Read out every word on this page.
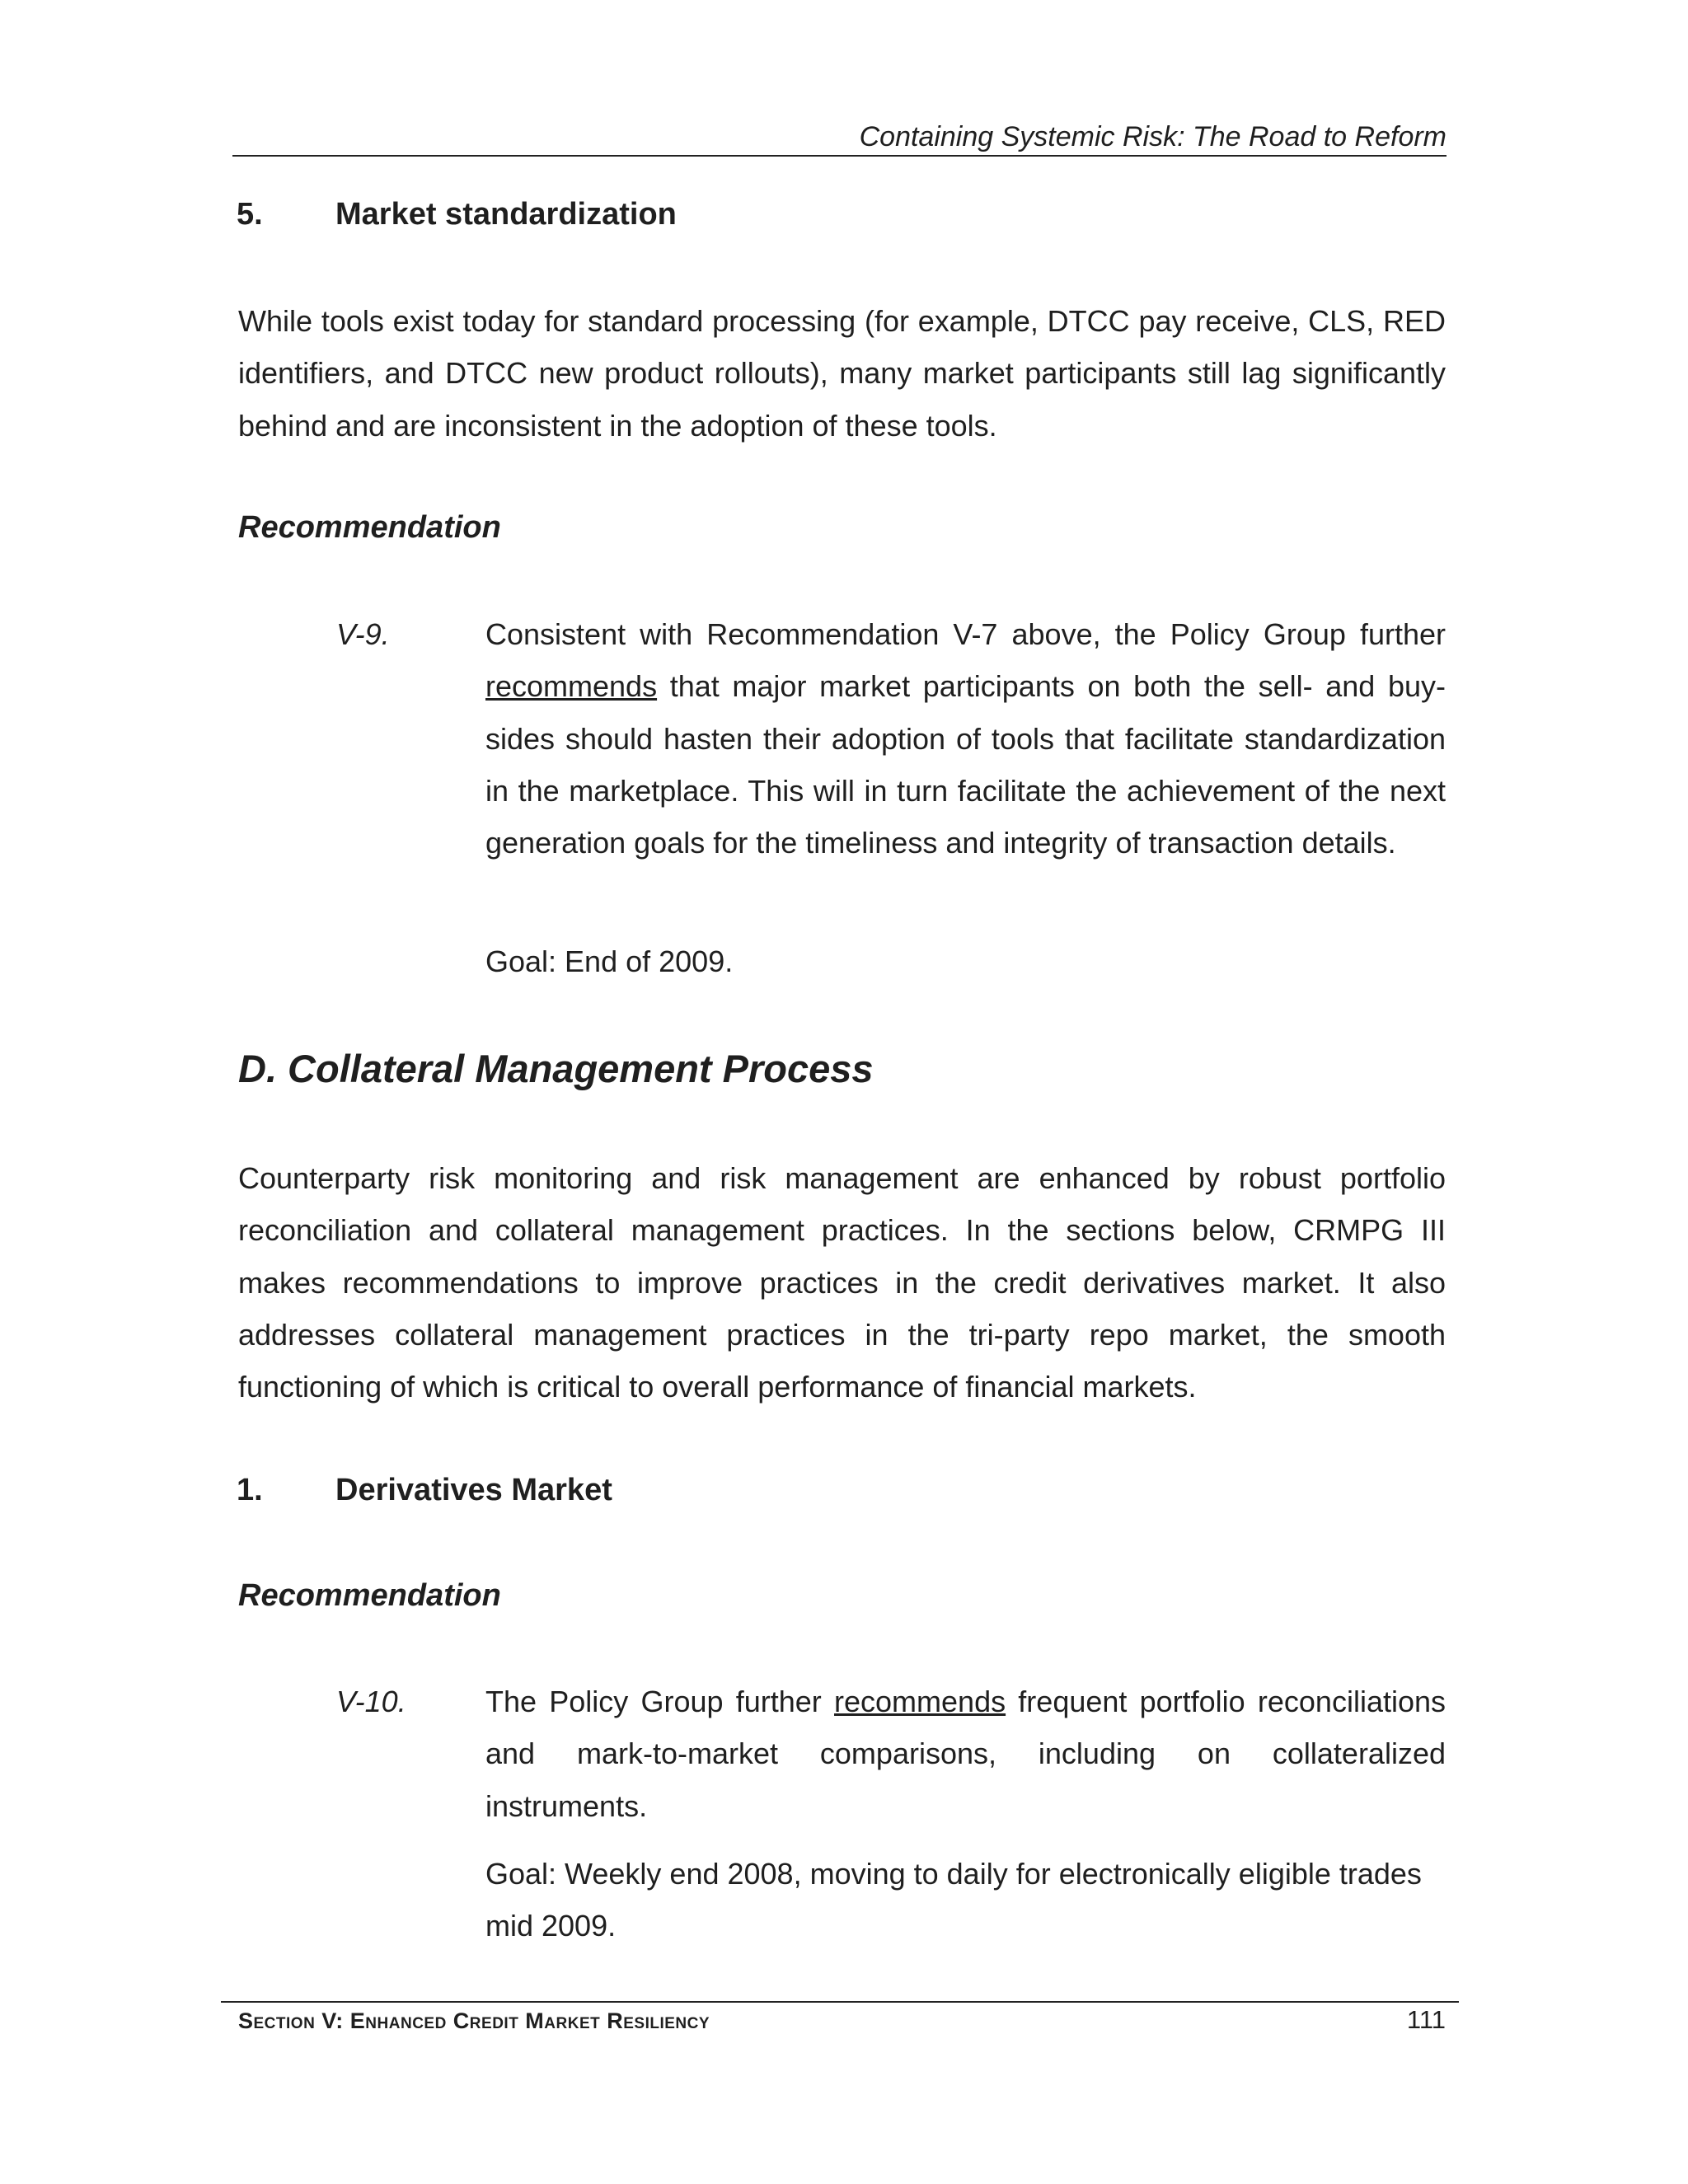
Containing Systemic Risk: The Road to Reform
5. Market standardization

While tools exist today for standard processing (for example, DTCC pay receive, CLS, RED identifiers, and DTCC new product rollouts), many market participants still lag significantly behind and are inconsistent in the adoption of these tools.

Recommendation
V-9.	Consistent with Recommendation V-7 above, the Policy Group further recommends that major market participants on both the sell- and buy-sides should hasten their adoption of tools that facilitate standardization in the marketplace. This will in turn facilitate the achievement of the next generation goals for the timeliness and integrity of transaction details.

Goal: End of 2009.

D. Collateral Management Process

Counterparty risk monitoring and risk management are enhanced by robust portfolio reconciliation and collateral management practices. In the sections below, CRMPG III makes recommendations to improve practices in the credit derivatives market. It also addresses collateral management practices in the tri-party repo market, the smooth functioning of which is critical to overall performance of financial markets.

1. Derivatives Market
Recommendation
V-10.	The Policy Group further recommends frequent portfolio reconciliations and mark-to-market comparisons, including on collateralized instruments.

Goal: Weekly end 2008, moving to daily for electronically eligible trades mid 2009.

Section V: Enhanced Credit Market Resiliency	111
